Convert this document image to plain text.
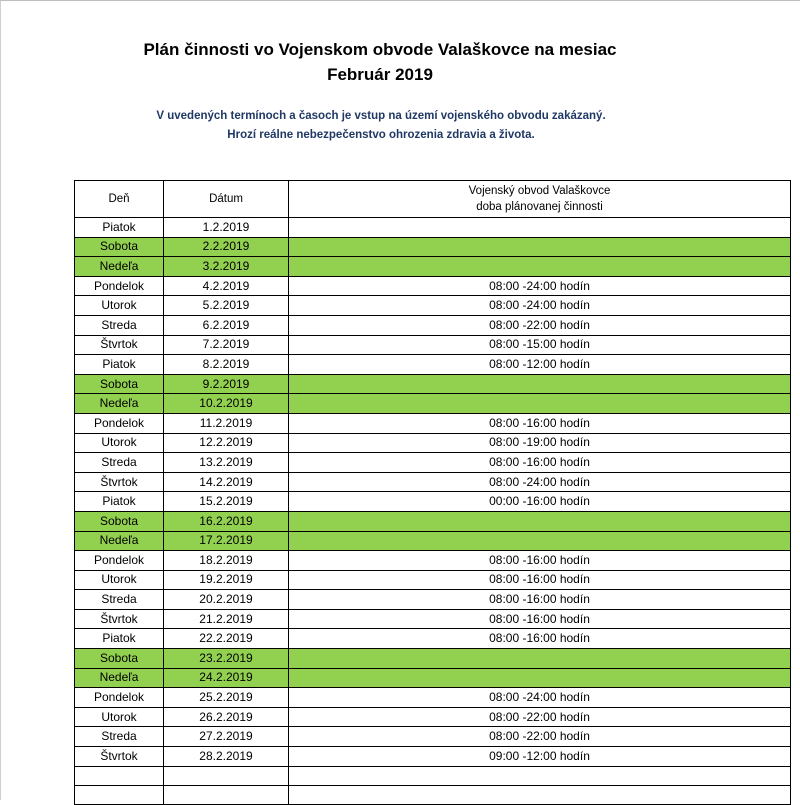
Plán činnosti vo Vojenskom obvode Valaškovce na mesiac
Február 2019

V uvedených termínoch a časoch je vstup na území vojenského obvodu zakázaný.

Hrozí reálne nebezpečenstvo ohrozenia zdravia a života.

Deň	Dátum	Vojenský obvod Valaškovce
doba plánovanej činnosti

Piatok	1.2.2019	
Sobota	2.2.2019	
Nedeľa	3.2.2019	
Pondelok	4.2.2019	08:00 -24:00 hodín
Utorok	5.2.2019	08:00 -24:00 hodín
Streda	6.2.2019	08:00 -22:00 hodín
Štvrtok	7.2.2019	08:00 -15:00 hodín
Piatok	8.2.2019	08:00 -12:00 hodín
Sobota	9.2.2019	
Nedeľa	10.2.2019	
Pondelok	11.2.2019	08:00 -16:00 hodín
Utorok	12.2.2019	08:00 -19:00 hodín
Streda	13.2.2019	08:00 -16:00 hodín
Štvrtok	14.2.2019	08:00 -24:00 hodín
Piatok	15.2.2019	00:00 -16:00 hodín
Sobota	16.2.2019	
Nedeľa	17.2.2019	
Pondelok	18.2.2019	08:00 -16:00 hodín
Utorok	19.2.2019	08:00 -16:00 hodín
Streda	20.2.2019	08:00 -16:00 hodín
Štvrtok	21.2.2019	08:00 -16:00 hodín
Piatok	22.2.2019	08:00 -16:00 hodín
Sobota	23.2.2019	
Nedeľa	24.2.2019	
Pondelok	25.2.2019	08:00 -24:00 hodín
Utorok	26.2.2019	08:00 -22:00 hodín
Streda	27.2.2019	08:00 -22:00 hodín
Štvrtok	28.2.2019	09:00 -12:00 hodín
